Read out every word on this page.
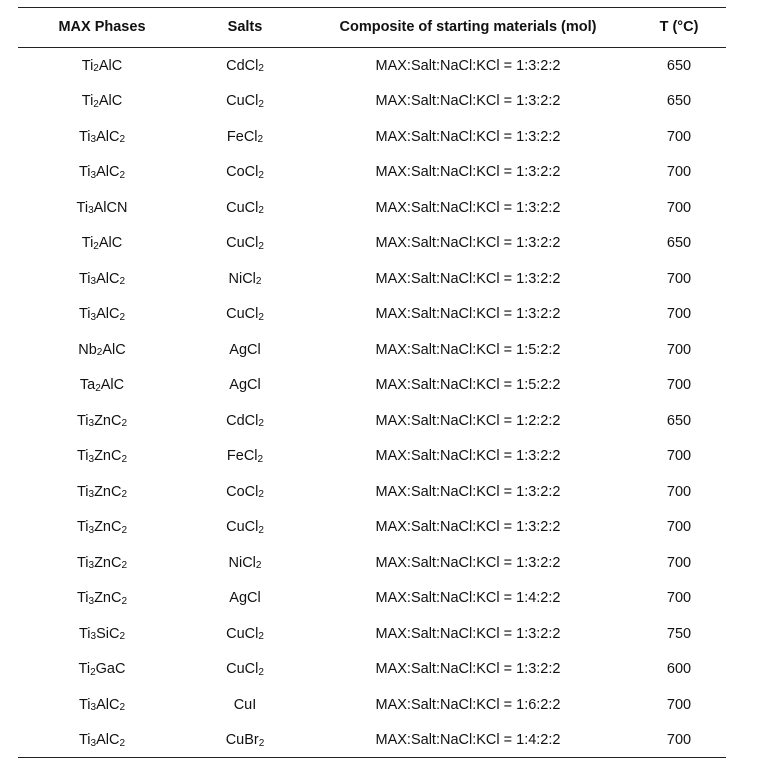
MAX Phases	Salts	Composite of starting materials (mol)	T (°C)
Ti 2 AlC	CdCl 2	MAX:Salt:NaCl:KCl = 1:3:2:2	650
Ti 2 AlC	CuCl 2	MAX:Salt:NaCl:KCl = 1:3:2:2	650
Ti 3 AlC 2	FeCl 2	MAX:Salt:NaCl:KCl = 1:3:2:2	700
Ti 3 AlC 2	CoCl 2	MAX:Salt:NaCl:KCl = 1:3:2:2	700
Ti 3 AlCN	CuCl 2	MAX:Salt:NaCl:KCl = 1:3:2:2	700
Ti 2 AlC	CuCl 2	MAX:Salt:NaCl:KCl = 1:3:2:2	650
Ti 3 AlC 2	NiCl 2	MAX:Salt:NaCl:KCl = 1:3:2:2	700
Ti 3 AlC 2	CuCl 2	MAX:Salt:NaCl:KCl = 1:3:2:2	700
Nb 2 AlC	AgCl	MAX:Salt:NaCl:KCl = 1:5:2:2	700
Ta 2 AlC	AgCl	MAX:Salt:NaCl:KCl = 1:5:2:2	700
Ti 3 ZnC 2	CdCl 2	MAX:Salt:NaCl:KCl = 1:2:2:2	650
Ti 3 ZnC 2	FeCl 2	MAX:Salt:NaCl:KCl = 1:3:2:2	700
Ti 3 ZnC 2	CoCl 2	MAX:Salt:NaCl:KCl = 1:3:2:2	700
Ti 3 ZnC 2	CuCl 2	MAX:Salt:NaCl:KCl = 1:3:2:2	700
Ti 3 ZnC 2	NiCl 2	MAX:Salt:NaCl:KCl = 1:3:2:2	700
Ti 3 ZnC 2	AgCl	MAX:Salt:NaCl:KCl = 1:4:2:2	700
Ti 3 SiC 2	CuCl 2	MAX:Salt:NaCl:KCl = 1:3:2:2	750
Ti 2 GaC	CuCl 2	MAX:Salt:NaCl:KCl = 1:3:2:2	600
Ti 3 AlC 2	CuI	MAX:Salt:NaCl:KCl = 1:6:2:2	700
Ti 3 AlC 2	CuBr 2	MAX:Salt:NaCl:KCl = 1:4:2:2	700
